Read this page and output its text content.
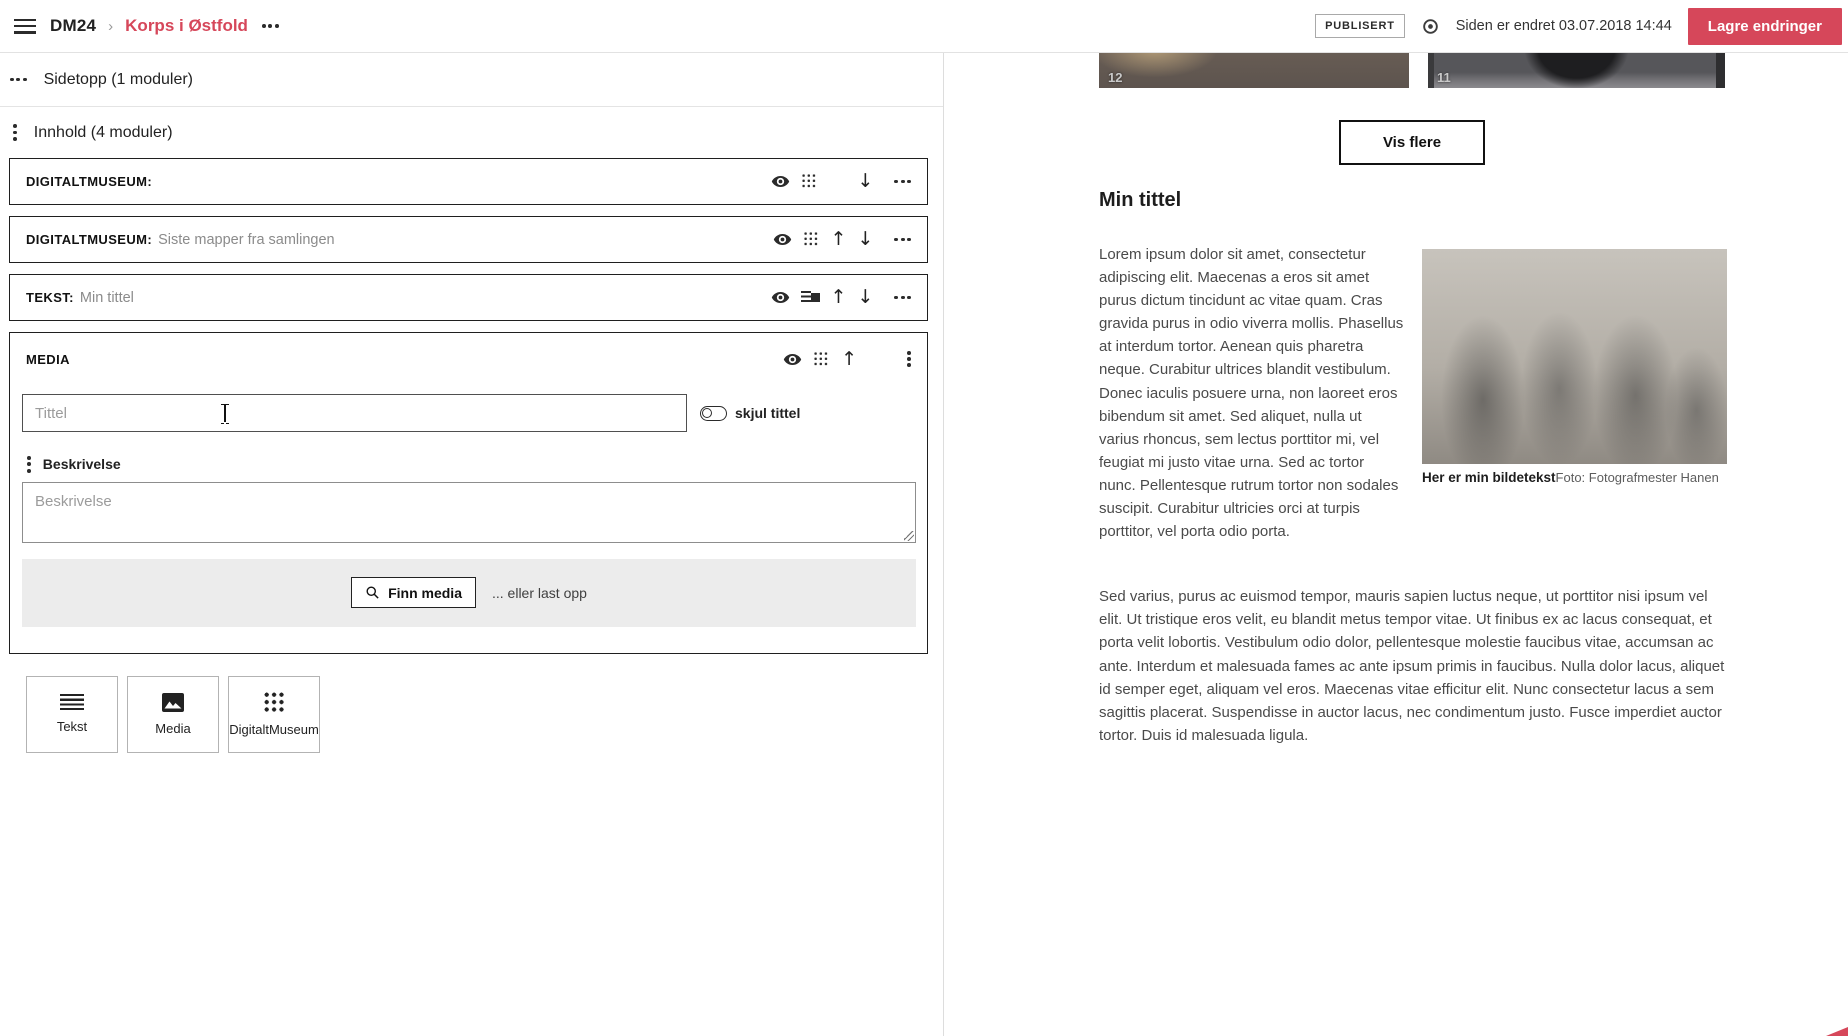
DM24 › Korps i Østfold	PUBLISERT	Siden er endret 03.07.2018 14:44	Lagre endringer
Sidetopp (1 moduler)
Innhold (4 moduler)
DIGITALTMUSEUM:	↓
DIGITALTMUSEUM: Siste mapper fra samlingen	↑ ↓
TEKST: Min tittel	↑ ↓
MEDIA	↑
Tittel
skjul tittel
Beskrivelse
Beskrivelse
Finn media ... eller last opp
Tekst	Media	DigitaltMuseum
12	11
Vis flere
Min tittel
Her er min bildetekstFoto: Fotografmester Hanen

Lorem ipsum dolor sit amet, consectetur adipiscing elit. Maecenas a eros sit amet purus dictum tincidunt ac vitae quam. Cras gravida purus in odio viverra mollis. Phasellus at interdum tortor. Aenean quis pharetra neque. Curabitur ultrices blandit vestibulum. Donec iaculis posuere urna, non laoreet eros bibendum sit amet. Sed aliquet, nulla ut varius rhoncus, sem lectus porttitor mi, vel feugiat mi justo vitae urna. Sed ac tortor nunc. Pellentesque rutrum tortor non sodales suscipit. Curabitur ultricies orci at turpis porttitor, vel porta odio porta.

Sed varius, purus ac euismod tempor, mauris sapien luctus neque, ut porttitor nisi ipsum vel elit. Ut tristique eros velit, eu blandit metus tempor vitae. Ut finibus ex ac lacus consequat, et porta velit lobortis. Vestibulum odio dolor, pellentesque molestie faucibus vitae, accumsan ac ante. Interdum et malesuada fames ac ante ipsum primis in faucibus. Nulla dolor lacus, aliquet id semper eget, aliquam vel eros. Maecenas vitae efficitur elit. Nunc consectetur lacus a sem sagittis placerat. Suspendisse in auctor lacus, nec condimentum justo. Fusce imperdiet auctor tortor. Duis id malesuada ligula.
